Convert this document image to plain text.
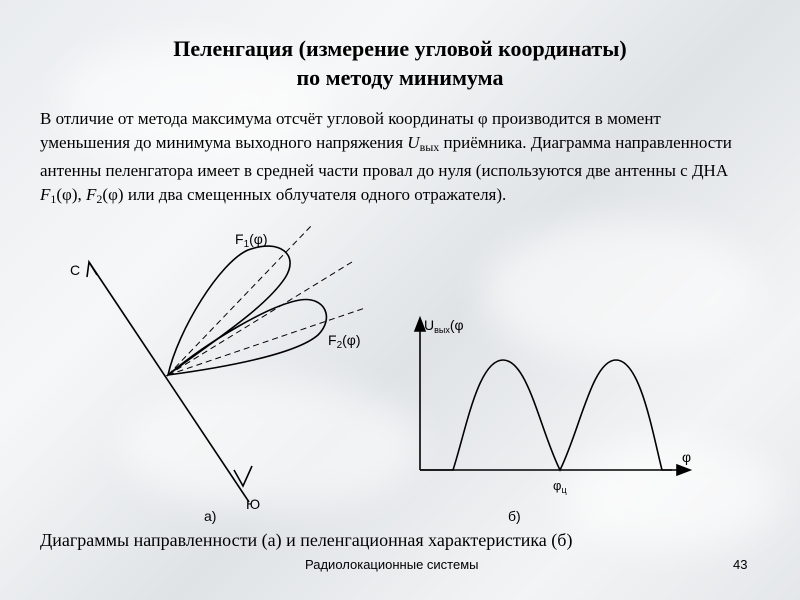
Пеленгация (измерение угловой координаты)
по методу минимума
В отличие от метода максимума отсчёт угловой координаты φ производится в момент уменьшения до минимума выходного напряжения $U_{вых}$ приёмника. Диаграмма направленности антенны пеленгатора имеет в средней части провал до нуля (используются две антенны с ДНА $F_1(\varphi)$, $F_2(\varphi)$ или два смещенных облучателя одного отражателя).
С
Ю
$F_1(\varphi)$
$F_2(\varphi)$
а)
$U_{вых}(\varphi$
φ
$\varphi_ц$
б)
Диаграммы направленности (а) и пеленгационная характеристика (б)
Радиолокационные системы	43
